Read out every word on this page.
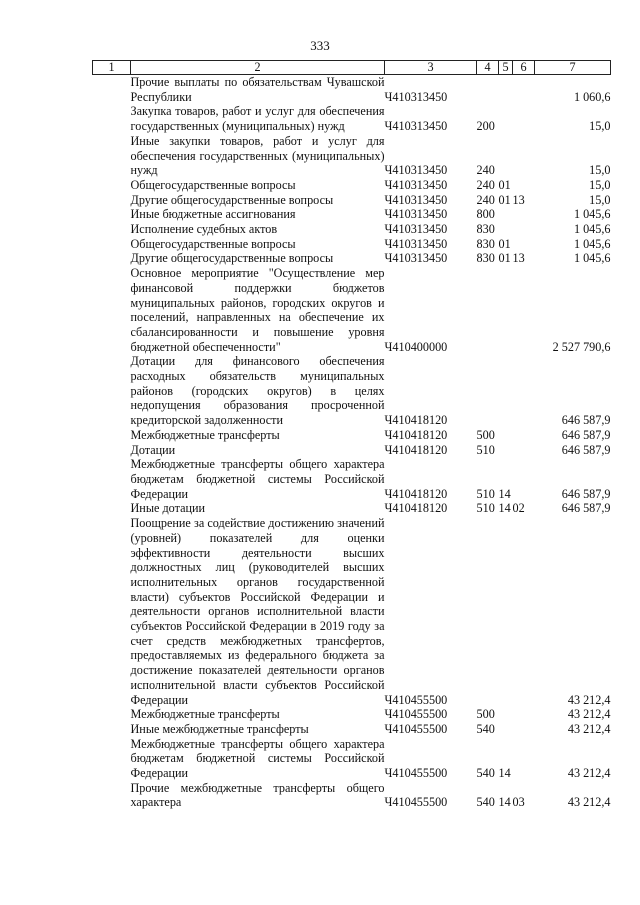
333
1	2	3	4	5	6	7
	Прочие выплаты по обязательствам Чувашской Республики	Ч410313450				1 060,6
	Закупка товаров, работ и услуг для обеспечения государственных (муниципальных) нужд	Ч410313450	200			15,0
	Иные закупки товаров, работ и услуг для обеспечения государственных (муниципальных) нужд	Ч410313450	240			15,0
	Общегосударственные вопросы	Ч410313450	240	01		15,0
	Другие общегосударственные вопросы	Ч410313450	240	01	13	15,0
	Иные бюджетные ассигнования	Ч410313450	800			1 045,6
	Исполнение судебных актов	Ч410313450	830			1 045,6
	Общегосударственные вопросы	Ч410313450	830	01		1 045,6
	Другие общегосударственные вопросы	Ч410313450	830	01	13	1 045,6
	Основное мероприятие "Осуществление мер финансовой поддержки бюджетов муниципальных районов, городских округов и поселений, направленных на обеспечение их сбалансированности и повышение уровня бюджетной обеспеченности"	Ч410400000				2 527 790,6
	Дотации для финансового обеспечения расходных обязательств муниципальных районов (городских округов) в целях недопущения образования просроченной кредиторской задолженности	Ч410418120				646 587,9
	Межбюджетные трансферты	Ч410418120	500			646 587,9
	Дотации	Ч410418120	510			646 587,9
	Межбюджетные трансферты общего характера бюджетам бюджетной системы Российской Федерации	Ч410418120	510	14		646 587,9
	Иные дотации	Ч410418120	510	14	02	646 587,9
	Поощрение за содействие достижению значений (уровней) показателей для оценки эффективности деятельности высших должностных лиц (руководителей высших исполнительных органов государственной власти) субъектов Российской Федерации и деятельности органов исполнительной власти субъектов Российской Федерации в 2019 году за счет средств межбюджетных трансфертов, предоставляемых из федерального бюджета за достижение показателей деятельности органов исполнительной власти субъектов Российской Федерации	Ч410455500				43 212,4
	Межбюджетные трансферты	Ч410455500	500			43 212,4
	Иные межбюджетные трансферты	Ч410455500	540			43 212,4
	Межбюджетные трансферты общего характера бюджетам бюджетной системы Российской Федерации	Ч410455500	540	14		43 212,4
	Прочие межбюджетные трансферты общего характера	Ч410455500	540	14	03	43 212,4
